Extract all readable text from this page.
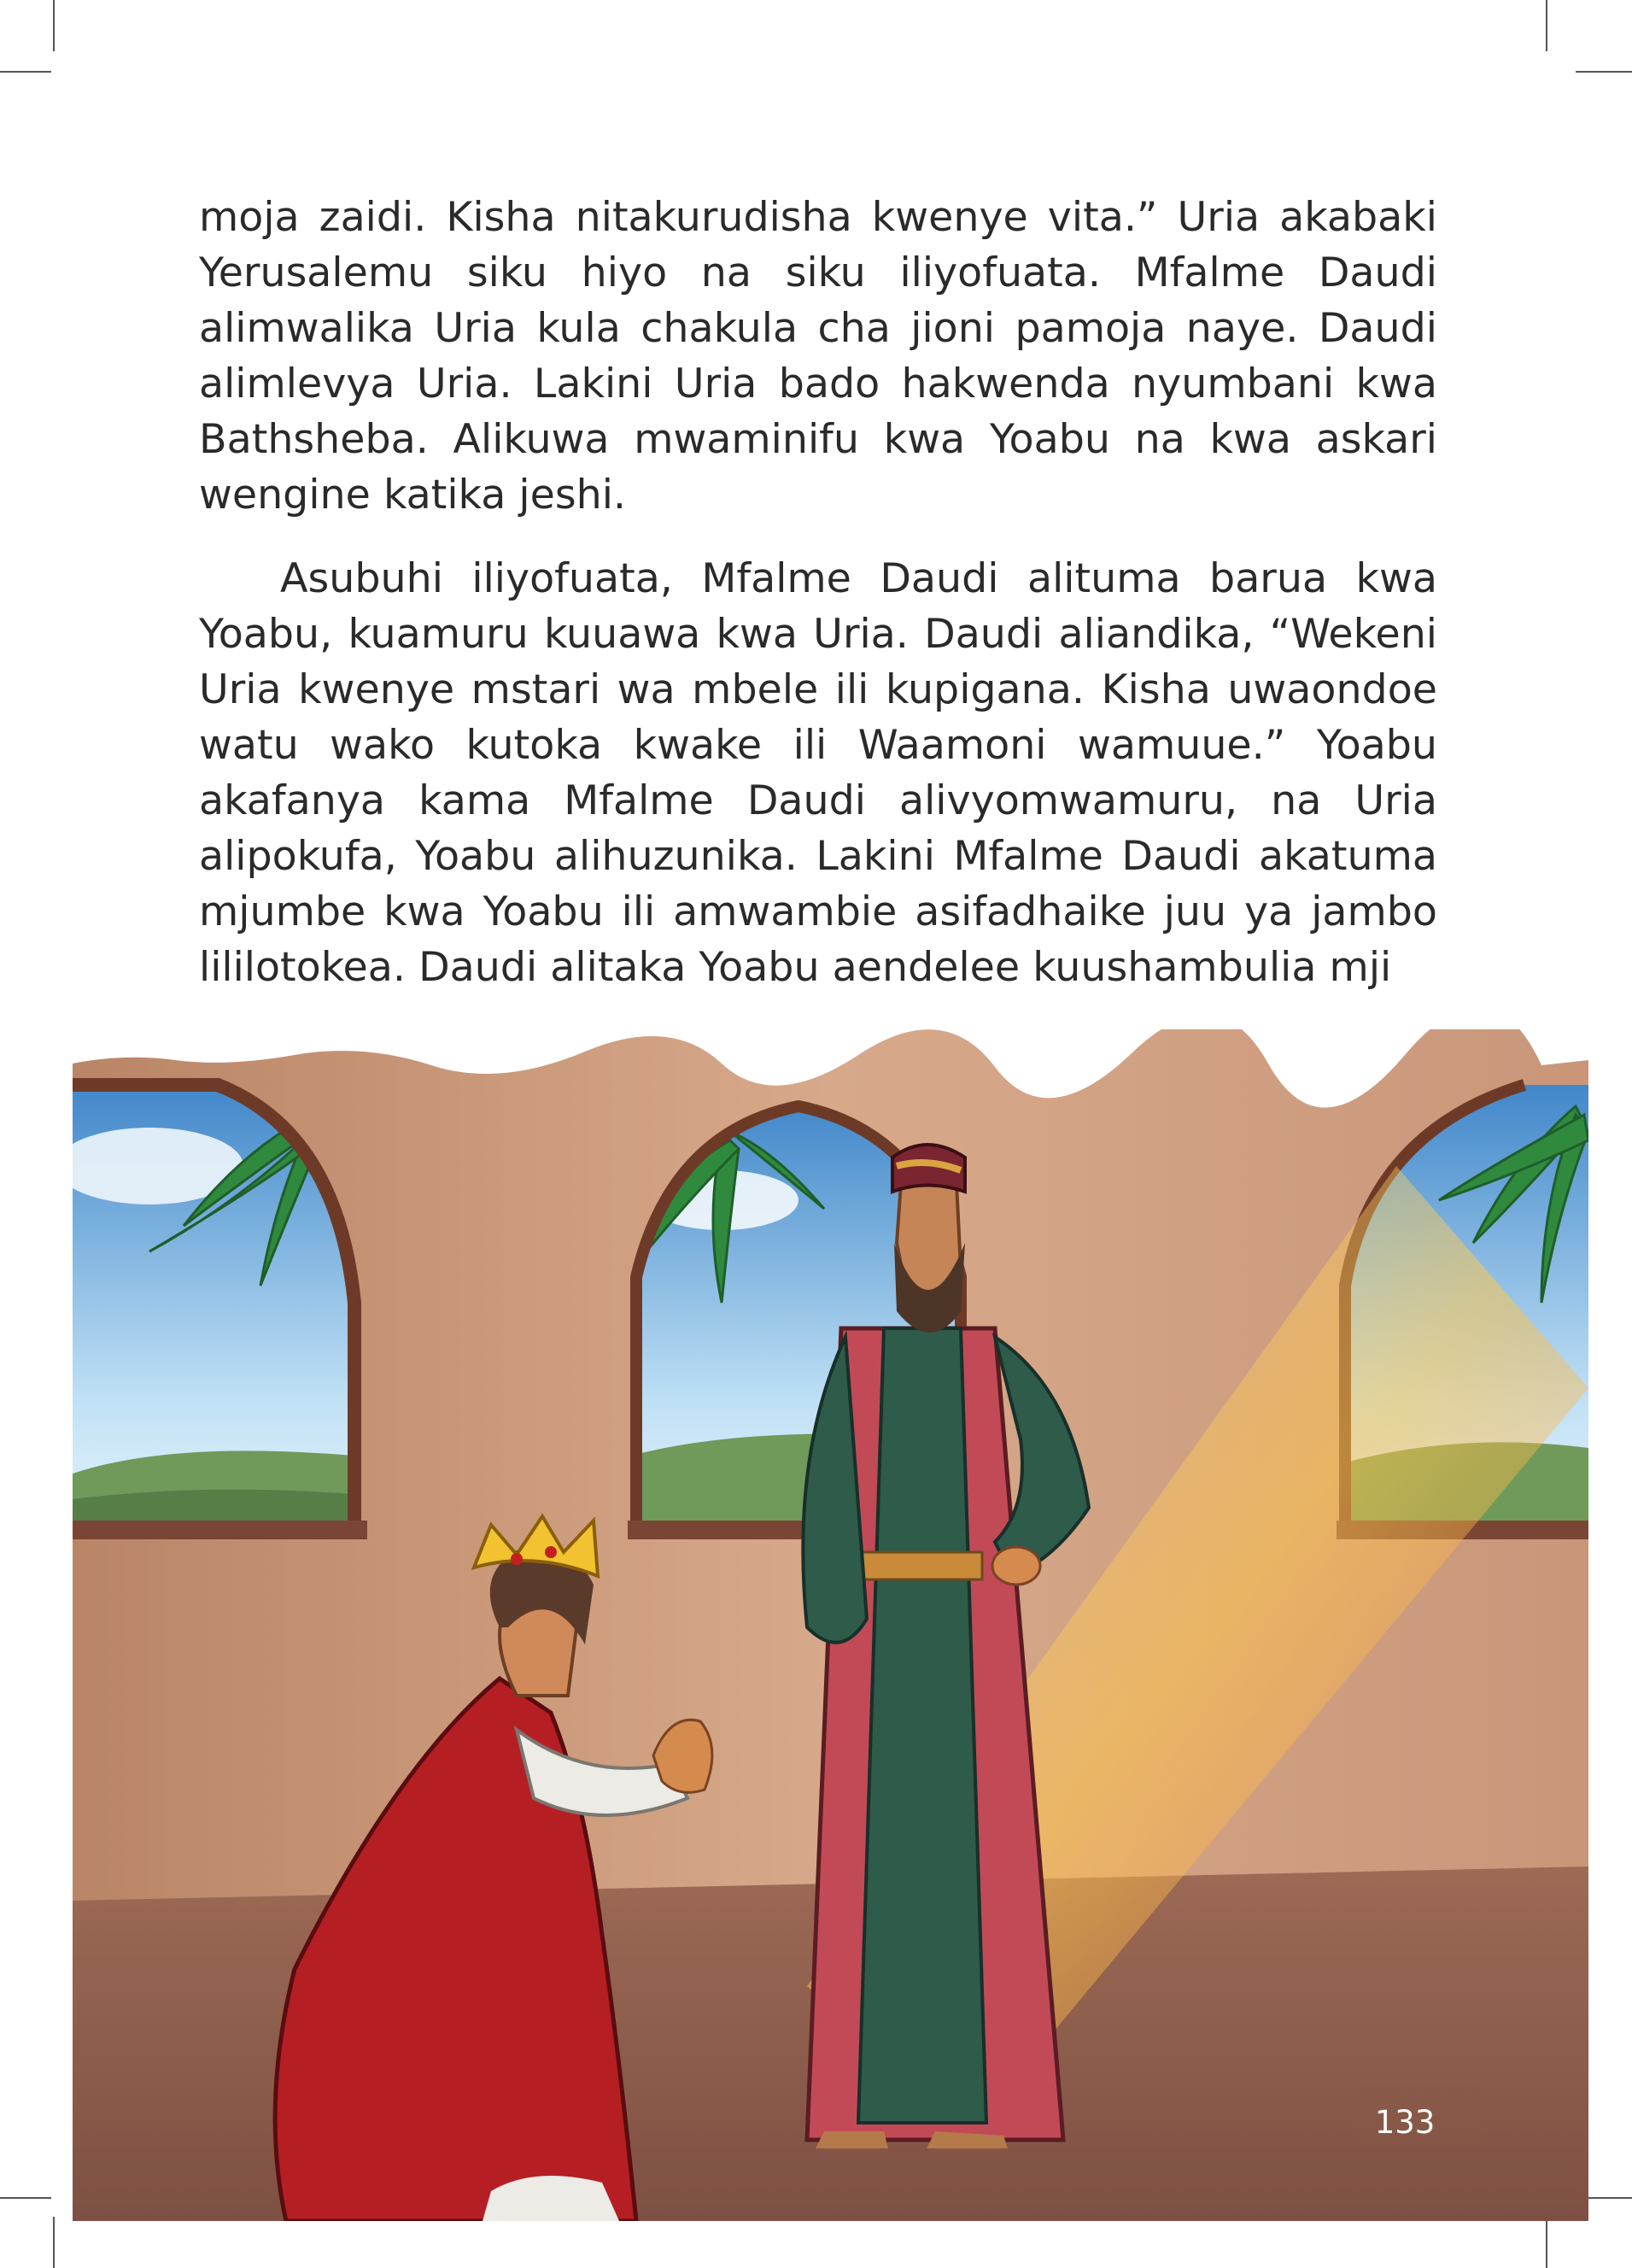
moja zaidi. Kisha nitakurudisha kwenye vita.” Uria akabaki Yerusalemu siku hiyo na siku iliyofuata. Mfalme Daudi alimwalika Uria kula chakula cha jioni pamoja naye. Daudi alimlevya Uria. Lakini Uria bado hakwenda nyumbani kwa Bathsheba. Alikuwa mwaminifu kwa Yoabu na kwa askari wengine katika jeshi.

Asubuhi iliyofuata, Mfalme Daudi alituma barua kwa Yoabu, kuamuru kuuawa kwa Uria. Daudi aliandika, “Wekeni Uria kwenye mstari wa mbele ili kupigana. Kisha uwaondoe watu wako kutoka kwake ili Waamoni wamuue.” Yoabu akafanya kama Mfalme Daudi alivyomwamuru, na Uria alipokufa, Yoabu alihuzunika. Lakini Mfalme Daudi akatuma mjumbe kwa Yoabu ili amwambie asifadhaike juu ya jambo lililotokea. Daudi alitaka Yoabu aendelee kuushambulia mji

133
